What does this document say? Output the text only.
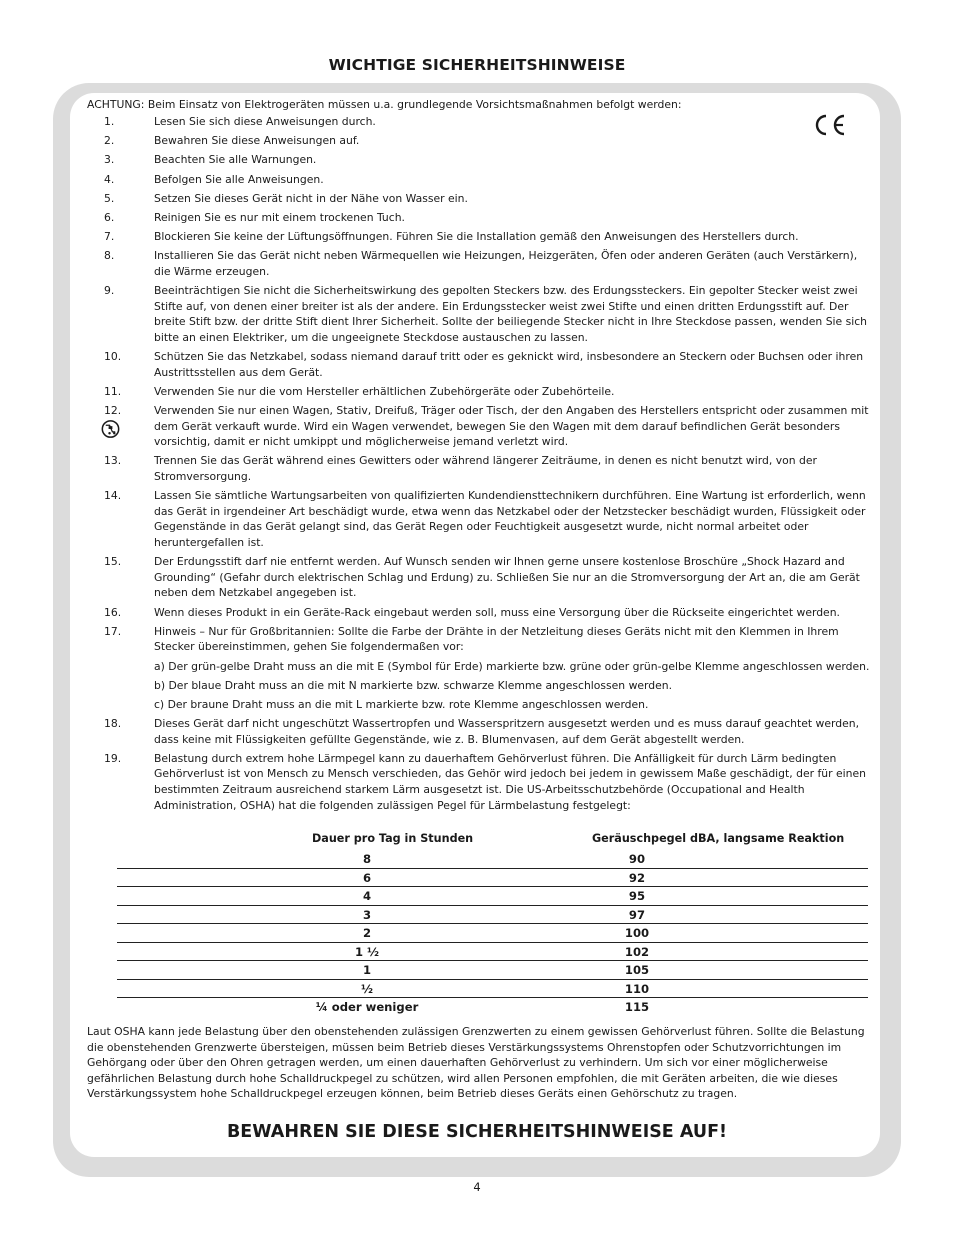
WICHTIGE SICHERHEITSHINWEISE
ACHTUNG: Beim Einsatz von Elektrogeräten müssen u.a. grundlegende Vorsichtsmaßnahmen befolgt werden:
1.	Lesen Sie sich diese Anweisungen durch.
2.	Bewahren Sie diese Anweisungen auf.
3.	Beachten Sie alle Warnungen.
4.	Befolgen Sie alle Anweisungen.
5.	Setzen Sie dieses Gerät nicht in der Nähe von Wasser ein.
6.	Reinigen Sie es nur mit einem trockenen Tuch.
7.	Blockieren Sie keine der Lüftungsöffnungen. Führen Sie die Installation gemäß den Anweisungen des Herstellers durch.
8.	Installieren Sie das Gerät nicht neben Wärmequellen wie Heizungen, Heizgeräten, Öfen oder anderen Geräten (auch Verstärkern), die Wärme erzeugen.
9.	Beeinträchtigen Sie nicht die Sicherheitswirkung des gepolten Steckers bzw. des Erdungssteckers. Ein gepolter Stecker weist zwei Stifte auf, von denen einer breiter ist als der andere. Ein Erdungsstecker weist zwei Stifte und einen dritten Erdungsstift auf. Der breite Stift bzw. der dritte Stift dient Ihrer Sicherheit. Sollte der beiliegende Stecker nicht in Ihre Steckdose passen, wenden Sie sich bitte an einen Elektriker, um die ungeeignete Steckdose austauschen zu lassen.
10.	Schützen Sie das Netzkabel, sodass niemand darauf tritt oder es geknickt wird, insbesondere an Steckern oder Buchsen oder ihren Austrittsstellen aus dem Gerät.
11.	Verwenden Sie nur die vom Hersteller erhältlichen Zubehörgeräte oder Zubehörteile.
12.	Verwenden Sie nur einen Wagen, Stativ, Dreifuß, Träger oder Tisch, der den Angaben des Herstellers entspricht oder zusammen mit dem Gerät verkauft wurde. Wird ein Wagen verwendet, bewegen Sie den Wagen mit dem darauf befindlichen Gerät besonders vorsichtig, damit er nicht umkippt und möglicherweise jemand verletzt wird.
13.	Trennen Sie das Gerät während eines Gewitters oder während längerer Zeiträume, in denen es nicht benutzt wird, von der Stromversorgung.
14.	Lassen Sie sämtliche Wartungsarbeiten von qualifizierten Kundendiensttechnikern durchführen. Eine Wartung ist erforderlich, wenn das Gerät in irgendeiner Art beschädigt wurde, etwa wenn das Netzkabel oder der Netzstecker beschädigt wurden, Flüssigkeit oder Gegenstände in das Gerät gelangt sind, das Gerät Regen oder Feuchtigkeit ausgesetzt wurde, nicht normal arbeitet oder heruntergefallen ist.
15.	Der Erdungsstift darf nie entfernt werden. Auf Wunsch senden wir Ihnen gerne unsere kostenlose Broschüre „Shock Hazard and Grounding“ (Gefahr durch elektrischen Schlag und Erdung) zu. Schließen Sie nur an die Stromversorgung der Art an, die am Gerät neben dem Netzkabel angegeben ist.
16.	Wenn dieses Produkt in ein Geräte-Rack eingebaut werden soll, muss eine Versorgung über die Rückseite eingerichtet werden.
17.	Hinweis – Nur für Großbritannien: Sollte die Farbe der Drähte in der Netzleitung dieses Geräts nicht mit den Klemmen in Ihrem Stecker übereinstimmen, gehen Sie folgendermaßen vor:
a) Der grün-gelbe Draht muss an die mit E (Symbol für Erde) markierte bzw. grüne oder grün-gelbe Klemme angeschlossen werden.
b) Der blaue Draht muss an die mit N markierte bzw. schwarze Klemme angeschlossen werden.
c) Der braune Draht muss an die mit L markierte bzw. rote Klemme angeschlossen werden.
18.	Dieses Gerät darf nicht ungeschützt Wassertropfen und Wasserspritzern ausgesetzt werden und es muss darauf geachtet werden, dass keine mit Flüssigkeiten gefüllte Gegenstände, wie z. B. Blumenvasen, auf dem Gerät abgestellt werden.
19.	Belastung durch extrem hohe Lärmpegel kann zu dauerhaftem Gehörverlust führen. Die Anfälligkeit für durch Lärm bedingten Gehörverlust ist von Mensch zu Mensch verschieden, das Gehör wird jedoch bei jedem in gewissem Maße geschädigt, der für einen bestimmten Zeitraum ausreichend starkem Lärm ausgesetzt ist. Die US-Arbeitsschutzbehörde (Occupational and Health Administration, OSHA) hat die folgenden zulässigen Pegel für Lärmbelastung festgelegt:
Dauer pro Tag in Stunden	Geräuschpegel dBA, langsame Reaktion
8	90
6	92
4	95
3	97
2	100
1 ½	102
1	105
½	110
¼ oder weniger	115
Laut OSHA kann jede Belastung über den obenstehenden zulässigen Grenzwerten zu einem gewissen Gehörverlust führen. Sollte die Belastung die obenstehenden Grenzwerte übersteigen, müssen beim Betrieb dieses Verstärkungssystems Ohrenstopfen oder Schutzvorrichtungen im Gehörgang oder über den Ohren getragen werden, um einen dauerhaften Gehörverlust zu verhindern. Um sich vor einer möglicherweise gefährlichen Belastung durch hohe Schalldruckpegel zu schützen, wird allen Personen empfohlen, die mit Geräten arbeiten, die wie dieses Verstärkungssystem hohe Schalldruckpegel erzeugen können, beim Betrieb dieses Geräts einen Gehörschutz zu tragen.
BEWAHREN SIE DIESE SICHERHEITSHINWEISE AUF!
4
